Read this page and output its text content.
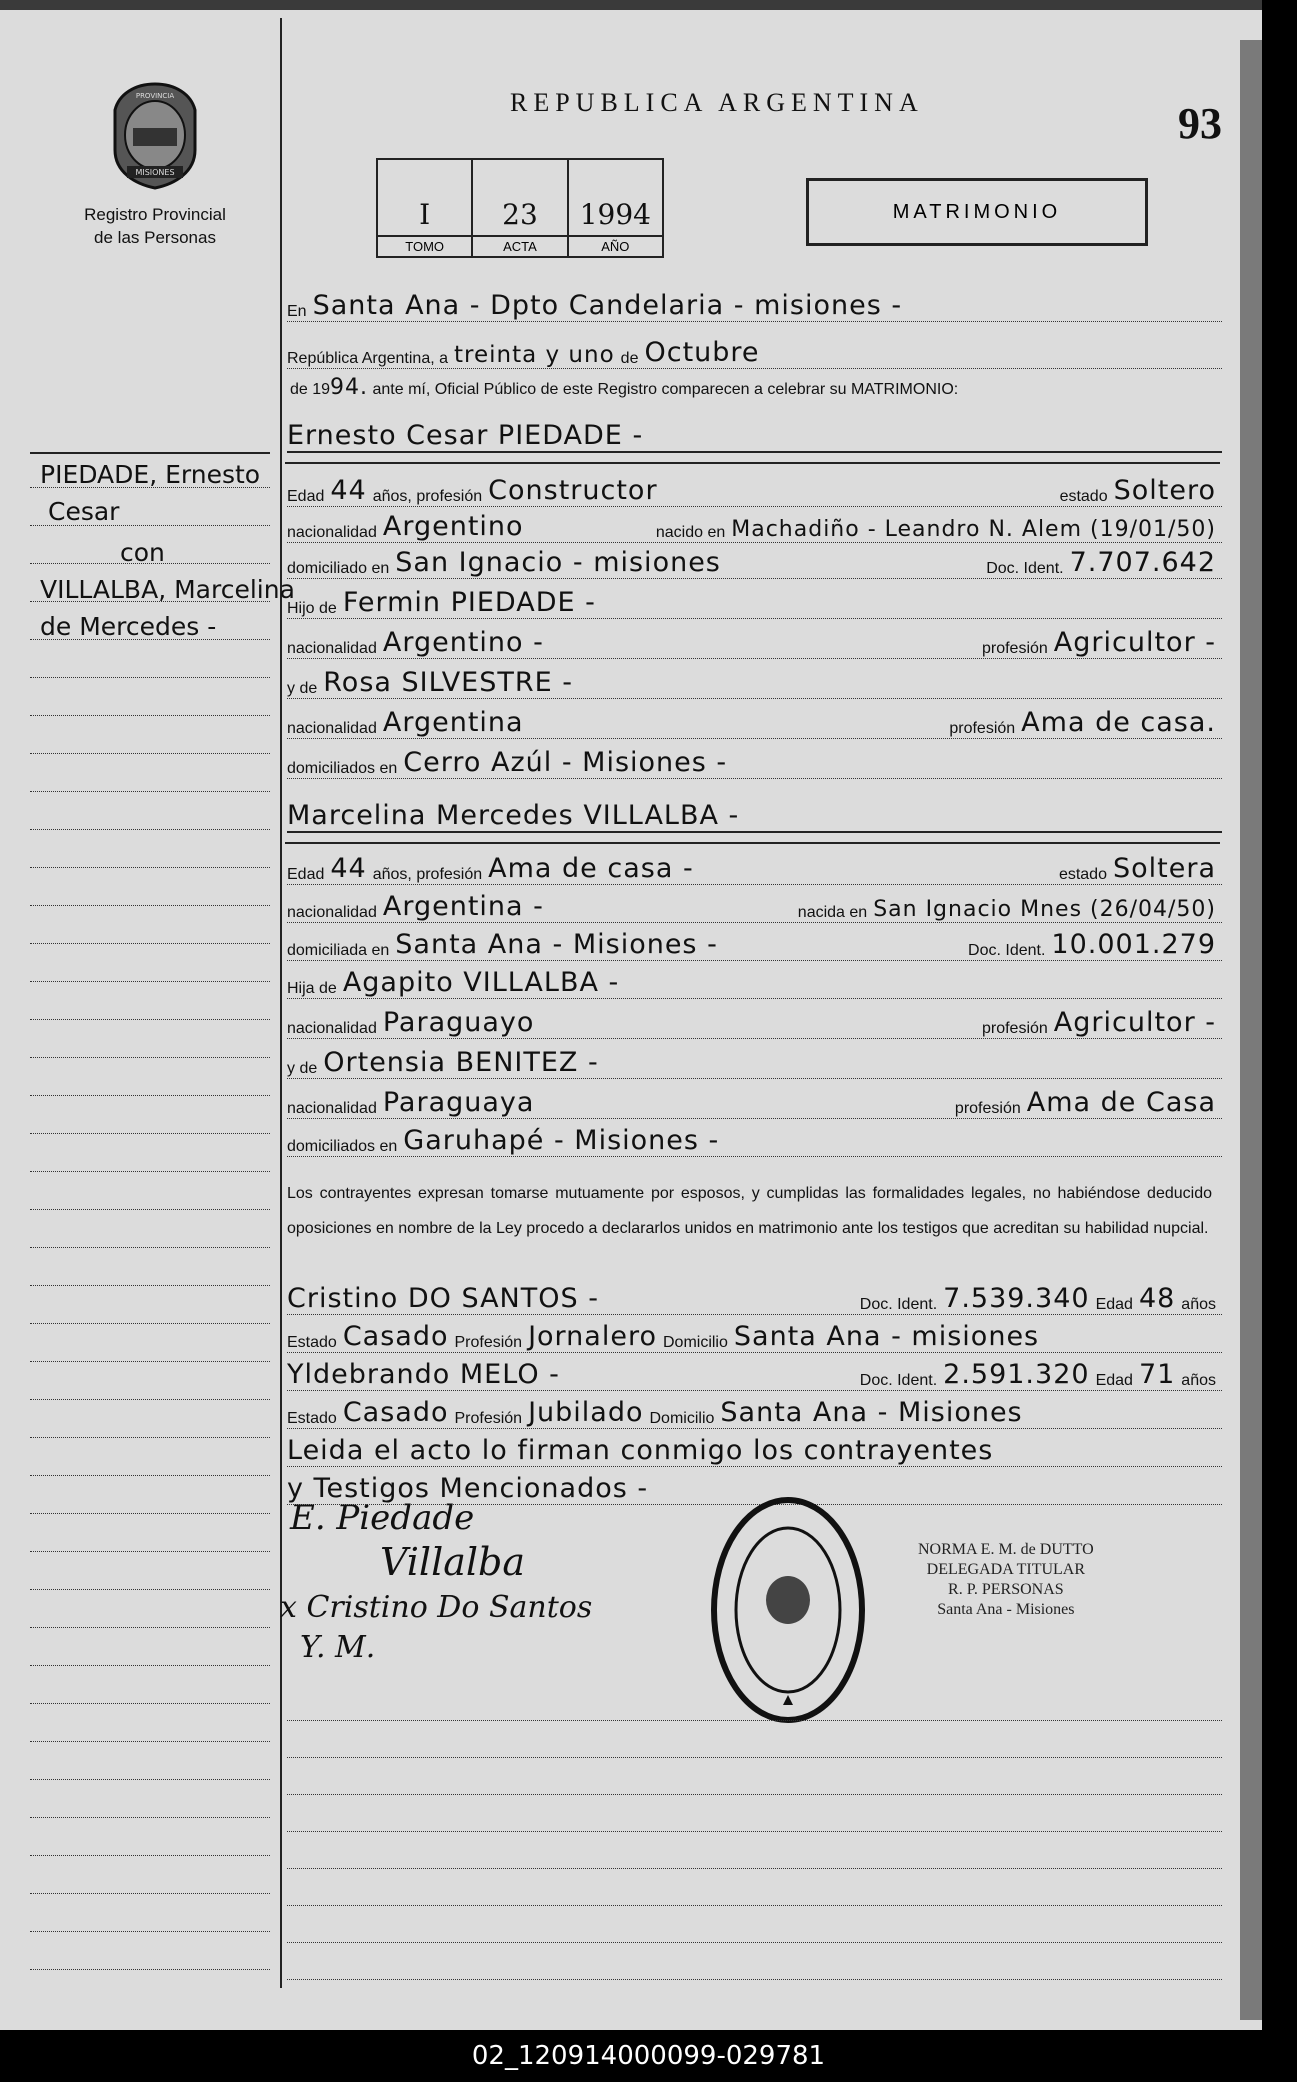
MISIONES
PROVINCIA
Registro Provincial
de las Personas
REPUBLICA ARGENTINA	93
I
TOMO
23
ACTA
1994
AÑO
MATRIMONIO
En Santa Ana - Dpto Candelaria - misiones -
República Argentina, a treinta y uno de Octubre
de 1994. ante mí, Oficial Público de este Registro comparecen a celebrar su MATRIMONIO:
Ernesto Cesar PIEDADE -
Edad 44 años, profesión Constructor	estado Soltero
nacionalidad Argentino	nacido en Machadiño - Leandro N. Alem (19/01/50)
domiciliado en San Ignacio - misiones	Doc. Ident. 7.707.642
Hijo de Fermin PIEDADE -
nacionalidad Argentino -	profesión Agricultor -
y de Rosa SILVESTRE -
nacionalidad Argentina	profesión Ama de casa.
domiciliados en Cerro Azúl - Misiones -
Marcelina Mercedes VILLALBA -
Edad 44 años, profesión Ama de casa -	estado Soltera
nacionalidad Argentina -	nacida en San Ignacio Mnes (26/04/50)
domiciliada en Santa Ana - Misiones -	Doc. Ident. 10.001.279
Hija de Agapito VILLALBA -
nacionalidad Paraguayo	profesión Agricultor -
y de Ortensia BENITEZ -
nacionalidad Paraguaya	profesión Ama de Casa
domiciliados en Garuhapé - Misiones -
Los contrayentes expresan tomarse mutuamente por esposos, y cumplidas las formalidades legales, no habiéndose deducido oposiciones en nombre de la Ley procedo a declararlos unidos en matrimonio ante los testigos que acreditan su habilidad nupcial.
Cristino DO SANTOS -	Doc. Ident. 7.539.340 Edad 48 años
Estado Casado Profesión Jornalero Domicilio Santa Ana - misiones
Yldebrando MELO -	Doc. Ident. 2.591.320 Edad 71 años
Estado Casado Profesión Jubilado Domicilio Santa Ana - Misiones
Leida el acto lo firman conmigo los contrayentes
y Testigos Mencionados -
E. Piedade
Villalba
x Cristino Do Santos
Y. M.
NORMA E. M. de DUTTO
DELEGADA TITULAR
R. P. PERSONAS
Santa Ana - Misiones
PIEDADE, Ernesto
Cesar
con
VILLALBA, Marcelina
de Mercedes -
02_120914000099-029781
